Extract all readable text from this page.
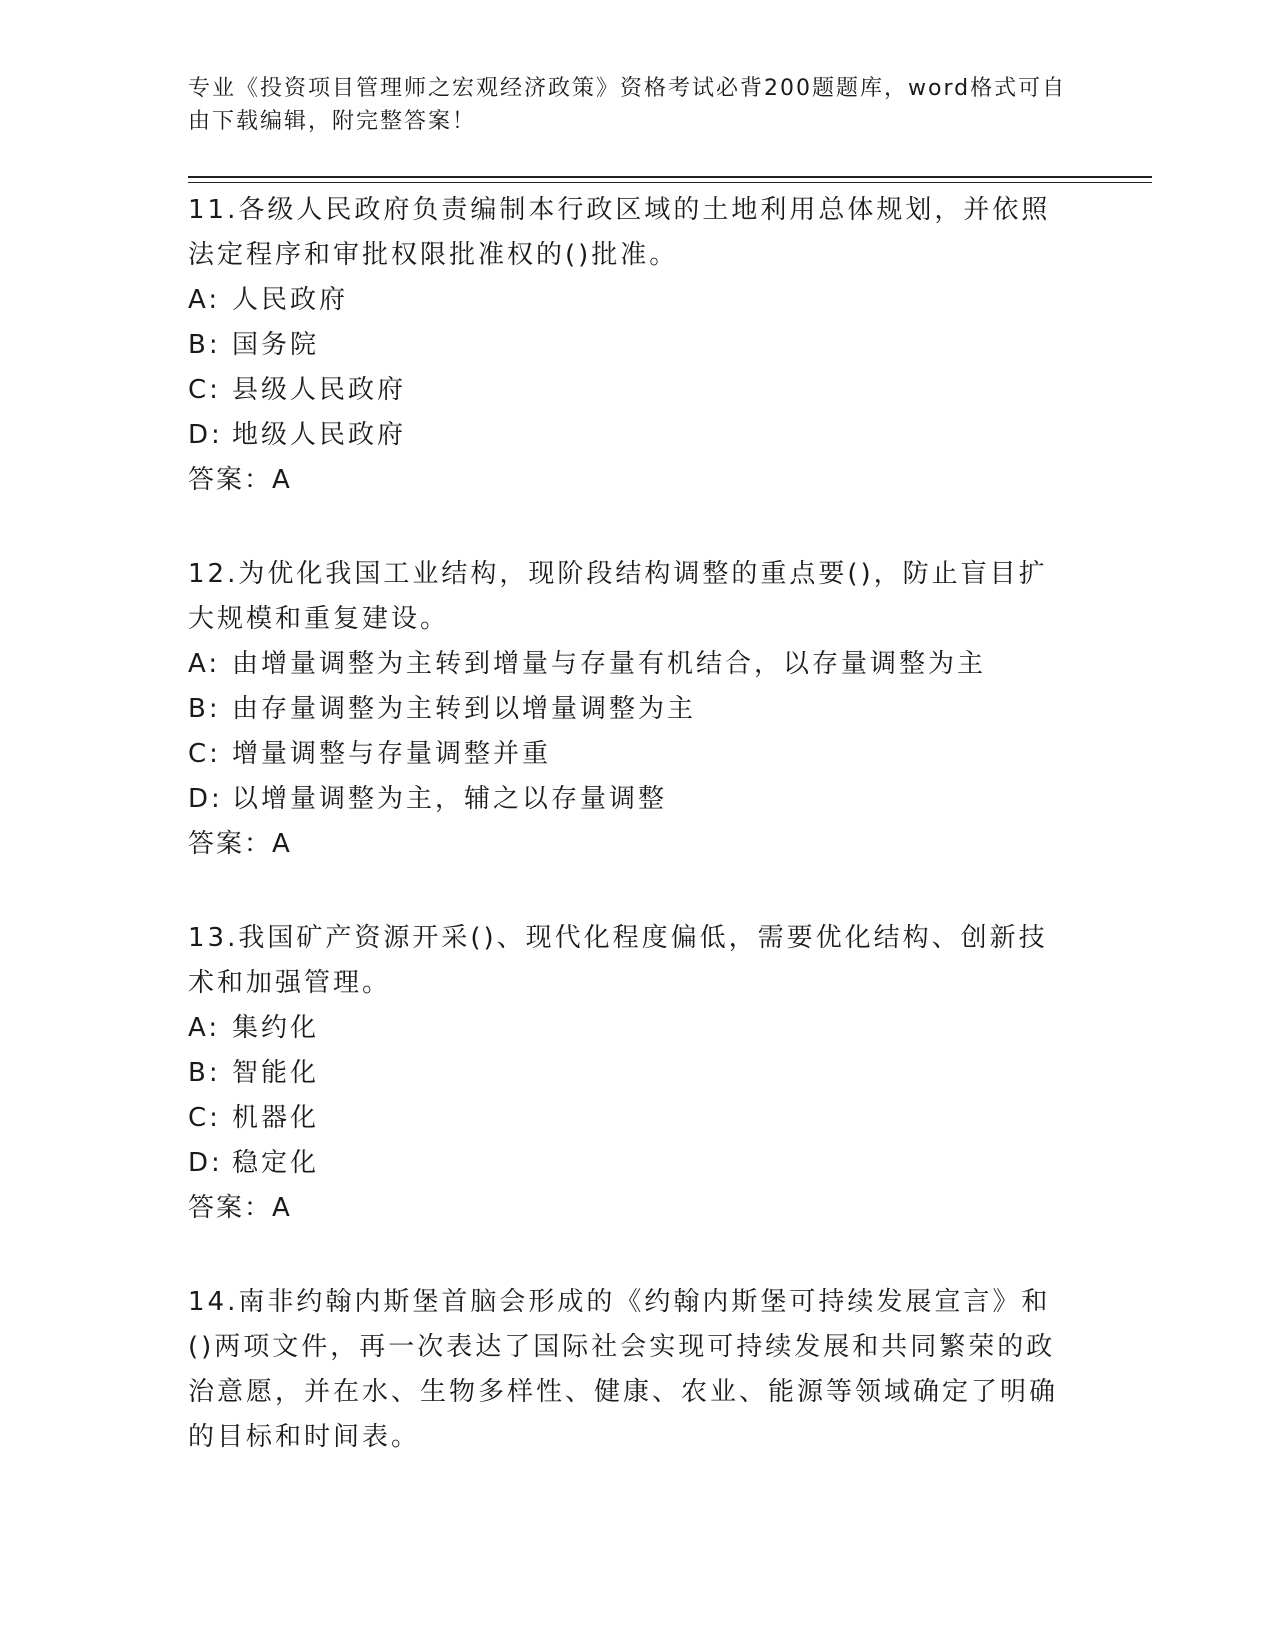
专业《投资项目管理师之宏观经济政策》资格考试必背200题题库，word格式可自由下载编辑，附完整答案！
11.各级人民政府负责编制本行政区域的土地利用总体规划，并依照法定程序和审批权限批准权的()批准。
A: 人民政府
B: 国务院
C: 县级人民政府
D: 地级人民政府
答案：A
12.为优化我国工业结构，现阶段结构调整的重点要()，防止盲目扩大规模和重复建设。
A: 由增量调整为主转到增量与存量有机结合，以存量调整为主
B: 由存量调整为主转到以增量调整为主
C: 增量调整与存量调整并重
D: 以增量调整为主，辅之以存量调整
答案：A
13.我国矿产资源开采()、现代化程度偏低，需要优化结构、创新技术和加强管理。
A: 集约化
B: 智能化
C: 机器化
D: 稳定化
答案：A
14.南非约翰内斯堡首脑会形成的《约翰内斯堡可持续发展宣言》和()两项文件，再一次表达了国际社会实现可持续发展和共同繁荣的政治意愿，并在水、生物多样性、健康、农业、能源等领域确定了明确的目标和时间表。
